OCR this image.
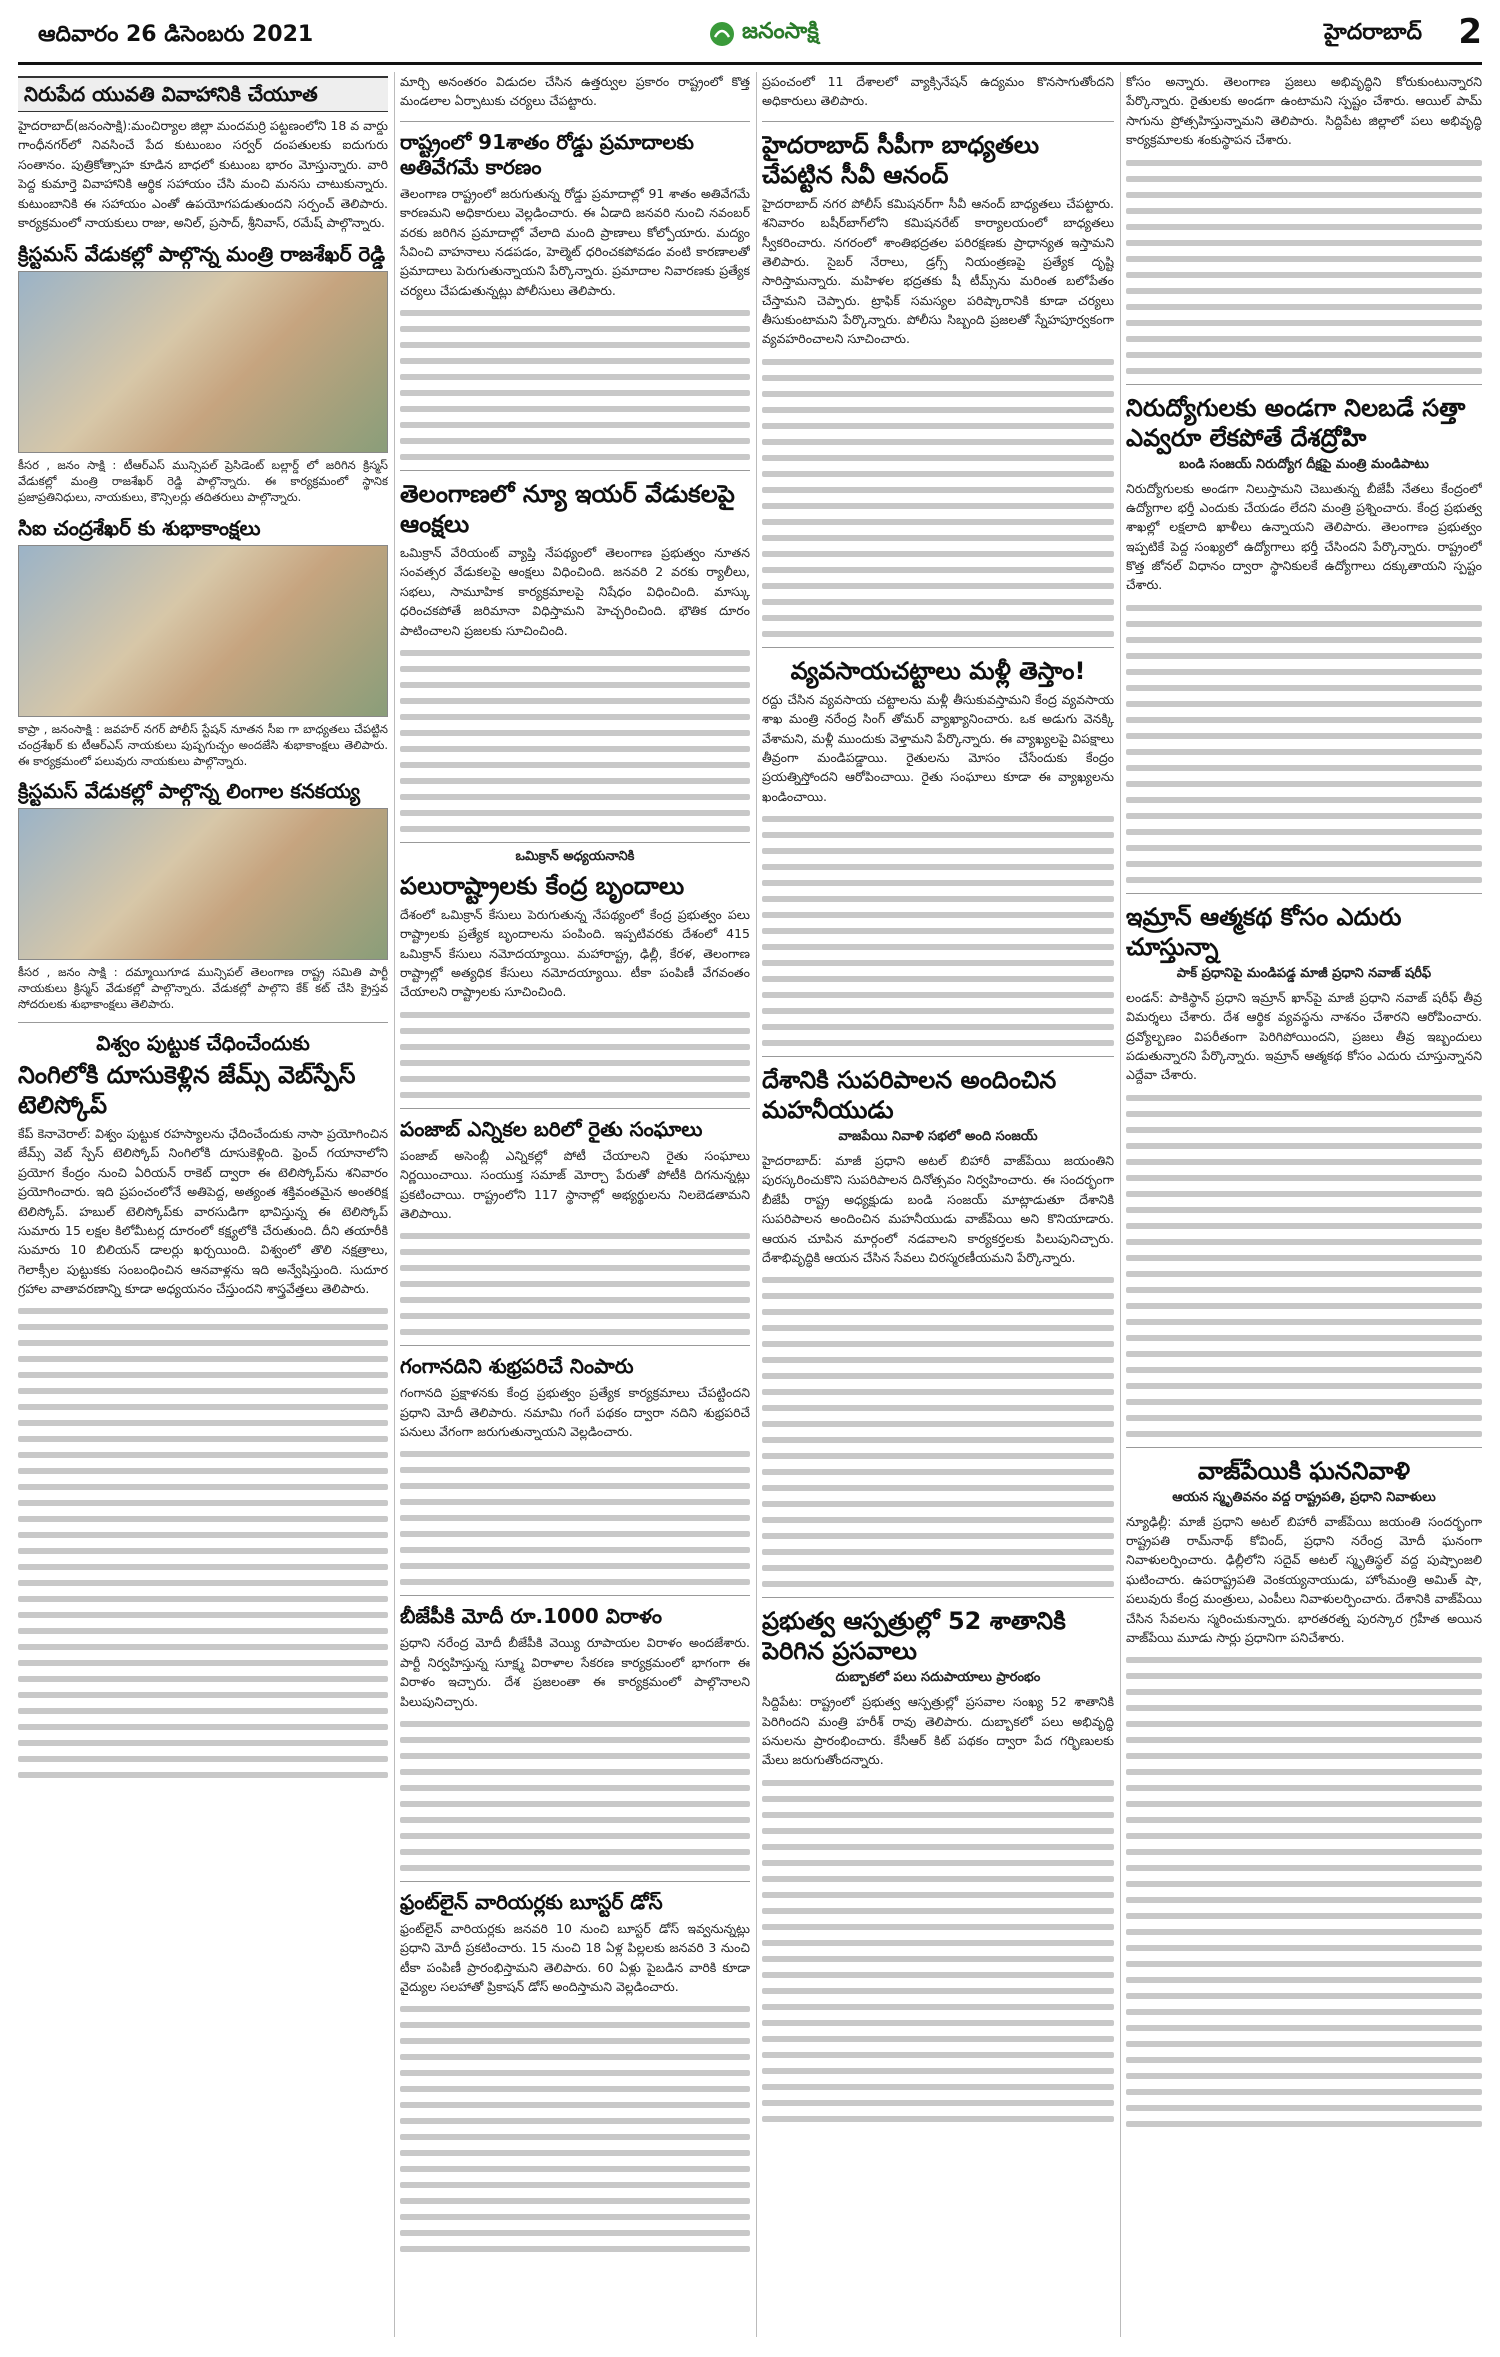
ఆదివారం 26 డిసెంబరు 2021	జనంసాక్షి	హైదరాబాద్ 2
నిరుపేద యువతి వివాహానికి చేయూత

హైదరాబాద్(జనంసాక్షి):మంచిర్యాల జిల్లా మందమర్రి పట్టణంలోని 18 వ వార్డు గాంధీనగర్‌లో నివసించే పేద కుటుంబం సర్వర్ దంపతులకు ఐదుగురు సంతానం. పుత్రికోత్సాహ కూడిన బాధలో కుటుంబ భారం మోస్తున్నారు. వారి పెద్ద కుమార్తె వివాహానికి ఆర్థిక సహాయం చేసి మంచి మనసు చాటుకున్నారు. కుటుంబానికి ఈ సహాయం ఎంతో ఉపయోగపడుతుందని సర్పంచ్ తెలిపారు. కార్యక్రమంలో నాయకులు రాజు, అనిల్, ప్రసాద్, శ్రీనివాస్, రమేష్ పాల్గొన్నారు.

క్రిస్టమస్ వేడుకల్లో పాల్గొన్న మంత్రి రాజశేఖర్ రెడ్డి

కీసర , జనం సాక్షి : టీఆర్ఎస్ మున్సిపల్ ప్రెసిడెంట్ బల్లార్డ్ లో జరిగిన క్రిస్మస్ వేడుకల్లో మంత్రి రాజశేఖర్ రెడ్డి పాల్గొన్నారు. ఈ కార్యక్రమంలో స్థానిక ప్రజాప్రతినిధులు, నాయకులు, కౌన్సిలర్లు తదితరులు పాల్గొన్నారు.

సిఐ చంద్రశేఖర్ కు శుభాకాంక్షలు

కాప్రా , జనంసాక్షి : జవహర్ నగర్ పోలీస్ స్టేషన్ నూతన సీఐ గా బాధ్యతలు చేపట్టిన చంద్రశేఖర్ కు టీఆర్ఎస్ నాయకులు పుష్పగుచ్ఛం అందజేసి శుభాకాంక్షలు తెలిపారు. ఈ కార్యక్రమంలో పలువురు నాయకులు పాల్గొన్నారు.

క్రిస్టమస్ వేడుకల్లో పాల్గొన్న లింగాల కనకయ్య

కీసర , జనం సాక్షి : దమ్మాయిగూడ మున్సిపల్ తెలంగాణ రాష్ట్ర సమితి పార్టీ నాయకులు క్రిస్మస్ వేడుకల్లో పాల్గొన్నారు. వేడుకల్లో పాల్గొని కేక్ కట్ చేసి క్రైస్తవ సోదరులకు శుభాకాంక్షలు తెలిపారు.

విశ్వం పుట్టుక చేధించేందుకు
నింగిలోకి దూసుకెళ్లిన జేమ్స్ వెబ్‌స్పేస్ టెలిస్కోప్

కేప్ కెనావెరాల్: విశ్వం పుట్టుక రహస్యాలను ఛేదించేందుకు నాసా ప్రయోగించిన జేమ్స్ వెబ్ స్పేస్ టెలిస్కోప్ నింగిలోకి దూసుకెళ్లింది. ఫ్రెంచ్ గయానాలోని ప్రయోగ కేంద్రం నుంచి ఏరియన్ రాకెట్ ద్వారా ఈ టెలిస్కోప్‌ను శనివారం ప్రయోగించారు. ఇది ప్రపంచంలోనే అతిపెద్ద, అత్యంత శక్తివంతమైన అంతరిక్ష టెలిస్కోప్. హబుల్ టెలిస్కోప్‌కు వారసుడిగా భావిస్తున్న ఈ టెలిస్కోప్ సుమారు 15 లక్షల కిలోమీటర్ల దూరంలో కక్ష్యలోకి చేరుతుంది. దీని తయారీకి సుమారు 10 బిలియన్ డాలర్లు ఖర్చయింది. విశ్వంలో తొలి నక్షత్రాలు, గెలాక్సీల పుట్టుకకు సంబంధించిన ఆనవాళ్లను ఇది అన్వేషిస్తుంది. సుదూర గ్రహాల వాతావరణాన్ని కూడా అధ్యయనం చేస్తుందని శాస్త్రవేత్తలు తెలిపారు.

మార్చి అనంతరం విడుదల చేసిన ఉత్తర్వుల ప్రకారం రాష్ట్రంలో కొత్త మండలాల ఏర్పాటుకు చర్యలు చేపట్టారు.

రాష్ట్రంలో 91శాతం రోడ్డు ప్రమాదాలకు అతివేగమే కారణం

తెలంగాణ రాష్ట్రంలో జరుగుతున్న రోడ్డు ప్రమాదాల్లో 91 శాతం అతివేగమే కారణమని అధికారులు వెల్లడించారు. ఈ ఏడాది జనవరి నుంచి నవంబర్ వరకు జరిగిన ప్రమాదాల్లో వేలాది మంది ప్రాణాలు కోల్పోయారు. మద్యం సేవించి వాహనాలు నడపడం, హెల్మెట్ ధరించకపోవడం వంటి కారణాలతో ప్రమాదాలు పెరుగుతున్నాయని పేర్కొన్నారు. ప్రమాదాల నివారణకు ప్రత్యేక చర్యలు చేపడుతున్నట్లు పోలీసులు తెలిపారు.

తెలంగాణలో న్యూ ఇయర్ వేడుకలపై ఆంక్షలు

ఒమిక్రాన్ వేరియంట్ వ్యాప్తి నేపథ్యంలో తెలంగాణ ప్రభుత్వం నూతన సంవత్సర వేడుకలపై ఆంక్షలు విధించింది. జనవరి 2 వరకు ర్యాలీలు, సభలు, సామూహిక కార్యక్రమాలపై నిషేధం విధించింది. మాస్కు ధరించకపోతే జరిమానా విధిస్తామని హెచ్చరించింది. భౌతిక దూరం పాటించాలని ప్రజలకు సూచించింది.

ఒమిక్రాన్ అధ్యయనానికి
పలురాష్ట్రాలకు కేంద్ర బృందాలు

దేశంలో ఒమిక్రాన్ కేసులు పెరుగుతున్న నేపథ్యంలో కేంద్ర ప్రభుత్వం పలు రాష్ట్రాలకు ప్రత్యేక బృందాలను పంపింది. ఇప్పటివరకు దేశంలో 415 ఒమిక్రాన్ కేసులు నమోదయ్యాయి. మహారాష్ట్ర, ఢిల్లీ, కేరళ, తెలంగాణ రాష్ట్రాల్లో అత్యధిక కేసులు నమోదయ్యాయి. టీకా పంపిణీ వేగవంతం చేయాలని రాష్ట్రాలకు సూచించింది.

పంజాబ్ ఎన్నికల బరిలో రైతు సంఘాలు

పంజాబ్ అసెంబ్లీ ఎన్నికల్లో పోటీ చేయాలని రైతు సంఘాలు నిర్ణయించాయి. సంయుక్త సమాజ్ మోర్చా పేరుతో పోటీకి దిగనున్నట్లు ప్రకటించాయి. రాష్ట్రంలోని 117 స్థానాల్లో అభ్యర్థులను నిలబెడతామని తెలిపాయి.

గంగానదిని శుభ్రపరిచే నింపారు

గంగానది ప్రక్షాళనకు కేంద్ర ప్రభుత్వం ప్రత్యేక కార్యక్రమాలు చేపట్టిందని ప్రధాని మోదీ తెలిపారు. నమామి గంగే పథకం ద్వారా నదిని శుభ్రపరిచే పనులు వేగంగా జరుగుతున్నాయని వెల్లడించారు.

బీజేపీకి మోదీ రూ.1000 విరాళం

ప్రధాని నరేంద్ర మోదీ బీజేపీకి వెయ్యి రూపాయల విరాళం అందజేశారు. పార్టీ నిర్వహిస్తున్న సూక్ష్మ విరాళాల సేకరణ కార్యక్రమంలో భాగంగా ఈ విరాళం ఇచ్చారు. దేశ ప్రజలంతా ఈ కార్యక్రమంలో పాల్గొనాలని పిలుపునిచ్చారు.

ఫ్రంట్‌లైన్ వారియర్లకు బూస్టర్‌ డోస్

ఫ్రంట్‌లైన్ వారియర్లకు జనవరి 10 నుంచి బూస్టర్ డోస్ ఇవ్వనున్నట్లు ప్రధాని మోదీ ప్రకటించారు. 15 నుంచి 18 ఏళ్ల పిల్లలకు జనవరి 3 నుంచి టీకా పంపిణీ ప్రారంభిస్తామని తెలిపారు. 60 ఏళ్లు పైబడిన వారికి కూడా వైద్యుల సలహాతో ప్రికాషన్ డోస్ అందిస్తామని వెల్లడించారు.

ప్రపంచంలో 11 దేశాలలో వ్యాక్సినేషన్ ఉద్యమం కొనసాగుతోందని అధికారులు తెలిపారు.

హైదరాబాద్ సీపీగా బాధ్యతలు చేపట్టిన సీవీ ఆనంద్

హైదరాబాద్ నగర పోలీస్ కమిషనర్‌గా సీవీ ఆనంద్ బాధ్యతలు చేపట్టారు. శనివారం బషీర్‌బాగ్‌లోని కమిషనరేట్ కార్యాలయంలో బాధ్యతలు స్వీకరించారు. నగరంలో శాంతిభద్రతల పరిరక్షణకు ప్రాధాన్యత ఇస్తామని తెలిపారు. సైబర్ నేరాలు, డ్రగ్స్ నియంత్రణపై ప్రత్యేక దృష్టి సారిస్తామన్నారు. మహిళల భద్రతకు షీ టీమ్స్‌ను మరింత బలోపేతం చేస్తామని చెప్పారు. ట్రాఫిక్ సమస్యల పరిష్కారానికి కూడా చర్యలు తీసుకుంటామని పేర్కొన్నారు. పోలీసు సిబ్బంది ప్రజలతో స్నేహపూర్వకంగా వ్యవహరించాలని సూచించారు.

వ్యవసాయచట్టాలు మళ్లీ తెస్తాం!

రద్దు చేసిన వ్యవసాయ చట్టాలను మళ్లీ తీసుకువస్తామని కేంద్ర వ్యవసాయ శాఖ మంత్రి నరేంద్ర సింగ్ తోమర్ వ్యాఖ్యానించారు. ఒక అడుగు వెనక్కి వేశామని, మళ్లీ ముందుకు వెళ్తామని పేర్కొన్నారు. ఈ వ్యాఖ్యలపై విపక్షాలు తీవ్రంగా మండిపడ్డాయి. రైతులను మోసం చేసేందుకు కేంద్రం ప్రయత్నిస్తోందని ఆరోపించాయి. రైతు సంఘాలు కూడా ఈ వ్యాఖ్యలను ఖండించాయి.

దేశానికి సుపరిపాలన అందించిన మహనీయుడు
వాజపేయి నివాళి సభలో అంది సంజయ్

హైదరాబాద్: మాజీ ప్రధాని అటల్ బిహారీ వాజ్‌పేయి జయంతిని పురస్కరించుకొని సుపరిపాలన దినోత్సవం నిర్వహించారు. ఈ సందర్భంగా బీజేపీ రాష్ట్ర అధ్యక్షుడు బండి సంజయ్ మాట్లాడుతూ దేశానికి సుపరిపాలన అందించిన మహనీయుడు వాజ్‌పేయి అని కొనియాడారు. ఆయన చూపిన మార్గంలో నడవాలని కార్యకర్తలకు పిలుపునిచ్చారు. దేశాభివృద్ధికి ఆయన చేసిన సేవలు చిరస్మరణీయమని పేర్కొన్నారు.

ప్రభుత్వ ఆస్పత్రుల్లో 52 శాతానికి పెరిగిన ప్రసవాలు
దుబ్బాకలో పలు సదుపాయాలు ప్రారంభం

సిద్దిపేట: రాష్ట్రంలో ప్రభుత్వ ఆస్పత్రుల్లో ప్రసవాల సంఖ్య 52 శాతానికి పెరిగిందని మంత్రి హరీశ్ రావు తెలిపారు. దుబ్బాకలో పలు అభివృద్ధి పనులను ప్రారంభించారు. కేసీఆర్ కిట్ పథకం ద్వారా పేద గర్భిణులకు మేలు జరుగుతోందన్నారు.

కోసం అన్నారు. తెలంగాణ ప్రజలు అభివృద్ధిని కోరుకుంటున్నారని పేర్కొన్నారు. రైతులకు అండగా ఉంటామని స్పష్టం చేశారు. ఆయిల్ పామ్ సాగును ప్రోత్సహిస్తున్నామని తెలిపారు. సిద్దిపేట జిల్లాలో పలు అభివృద్ధి కార్యక్రమాలకు శంకుస్థాపన చేశారు.

నిరుద్యోగులకు అండగా నిలబడే సత్తా ఎవ్వరూ లేకపోతే దేశద్రోహి
బండి సంజయ్ నిరుద్యోగ దీక్షపై మంత్రి మండిపాటు

నిరుద్యోగులకు అండగా నిలుస్తామని చెబుతున్న బీజేపీ నేతలు కేంద్రంలో ఉద్యోగాల భర్తీ ఎందుకు చేయడం లేదని మంత్రి ప్రశ్నించారు. కేంద్ర ప్రభుత్వ శాఖల్లో లక్షలాది ఖాళీలు ఉన్నాయని తెలిపారు. తెలంగాణ ప్రభుత్వం ఇప్పటికే పెద్ద సంఖ్యలో ఉద్యోగాలు భర్తీ చేసిందని పేర్కొన్నారు. రాష్ట్రంలో కొత్త జోనల్ విధానం ద్వారా స్థానికులకే ఉద్యోగాలు దక్కుతాయని స్పష్టం చేశారు.

ఇమ్రాన్ ఆత్మకథ కోసం ఎదురు చూస్తున్నా
పాక్ ప్రధానిపై మండిపడ్డ మాజీ ప్రధాని నవాజ్ షరీఫ్

లండన్: పాకిస్థాన్ ప్రధాని ఇమ్రాన్ ఖాన్‌పై మాజీ ప్రధాని నవాజ్ షరీఫ్ తీవ్ర విమర్శలు చేశారు. దేశ ఆర్థిక వ్యవస్థను నాశనం చేశారని ఆరోపించారు. ద్రవ్యోల్బణం విపరీతంగా పెరిగిపోయిందని, ప్రజలు తీవ్ర ఇబ్బందులు పడుతున్నారని పేర్కొన్నారు. ఇమ్రాన్ ఆత్మకథ కోసం ఎదురు చూస్తున్నానని ఎద్దేవా చేశారు.

వాజ్‌పేయికి ఘననివాళి
ఆయన స్మృతివనం వద్ద రాష్ట్రపతి, ప్రధాని నివాళులు

న్యూఢిల్లీ: మాజీ ప్రధాని అటల్ బిహారీ వాజ్‌పేయి జయంతి సందర్భంగా రాష్ట్రపతి రామ్‌నాథ్ కోవింద్, ప్రధాని నరేంద్ర మోదీ ఘనంగా నివాళులర్పించారు. ఢిల్లీలోని సదైవ్ అటల్ స్మృతిస్థల్ వద్ద పుష్పాంజలి ఘటించారు. ఉపరాష్ట్రపతి వెంకయ్యనాయుడు, హోంమంత్రి అమిత్ షా, పలువురు కేంద్ర మంత్రులు, ఎంపీలు నివాళులర్పించారు. దేశానికి వాజ్‌పేయి చేసిన సేవలను స్మరించుకున్నారు. భారతరత్న పురస్కార గ్రహీత అయిన వాజ్‌పేయి మూడు సార్లు ప్రధానిగా పనిచేశారు.
